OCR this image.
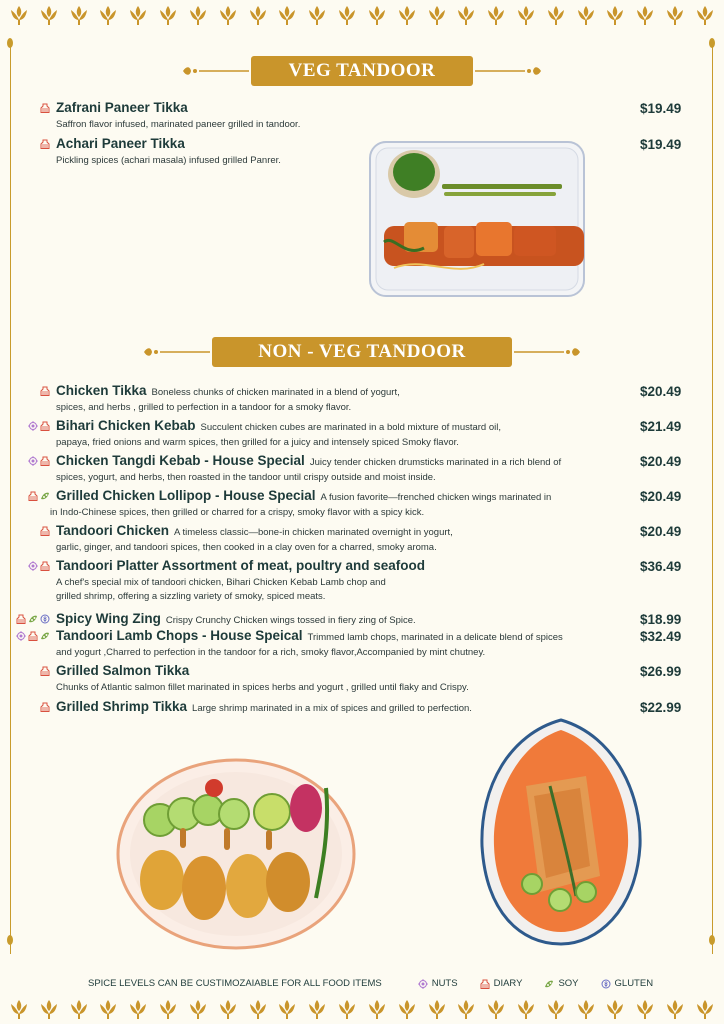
VEG TANDOOR
Zafrani Paneer Tikka
Saffron flavor infused, marinated paneer grilled in tandoor.
$19.49
Achari Paneer Tikka
Pickling spices (achari masala) infused grilled Panrer.
$19.49
NON - VEG TANDOOR
Chicken Tikka Boneless chunks of chicken marinated in a blend of yogurt,
spices, and herbs , grilled to perfection in a tandoor for a smoky flavor.
$20.49
Bihari Chicken Kebab Succulent chicken cubes are marinated in a bold mixture of mustard oil,
papaya, fried onions and warm spices, then grilled for a juicy and intensely spiced Smoky flavor.
$21.49
Chicken Tangdi Kebab - House Special Juicy tender chicken drumsticks marinated in a rich blend of
spices, yogurt, and herbs, then roasted in the tandoor until crispy outside and moist inside.
$20.49
Grilled Chicken Lollipop - House Special A fusion favorite—frenched chicken wings marinated in
in Indo-Chinese spices, then grilled or charred for a crispy, smoky flavor with a spicy kick.
$20.49
Tandoori Chicken A timeless classic—bone-in chicken marinated overnight in yogurt,
garlic, ginger, and tandoori spices, then cooked in a clay oven for a charred, smoky aroma.
$20.49
Tandoori Platter Assortment of meat, poultry and seafood
A chef's special mix of tandoori chicken, Bihari Chicken Kebab Lamb chop and
grilled shrimp, offering a sizzling variety of smoky, spiced meats.
$36.49
Spicy Wing Zing Crispy Crunchy Chicken wings tossed in fiery zing of Spice.	$18.99
Tandoori Lamb Chops - House Speical Trimmed lamb chops, marinated in a delicate blend of spices
and yogurt ,Charred to perfection in the tandoor for a rich, smoky flavor,Accompanied by mint chutney.
$32.49
Grilled Salmon Tikka
Chunks of Atlantic salmon fillet marinated in spices herbs and yogurt , grilled until flaky and Crispy.
$26.99
Grilled Shrimp Tikka Large shrimp marinated in a mix of spices and grilled to perfection.	$22.99
SPICE LEVELS CAN BE CUSTIMOZAIABLE FOR ALL FOOD ITEMS	NUTS	DIARY	SOY	GLUTEN
